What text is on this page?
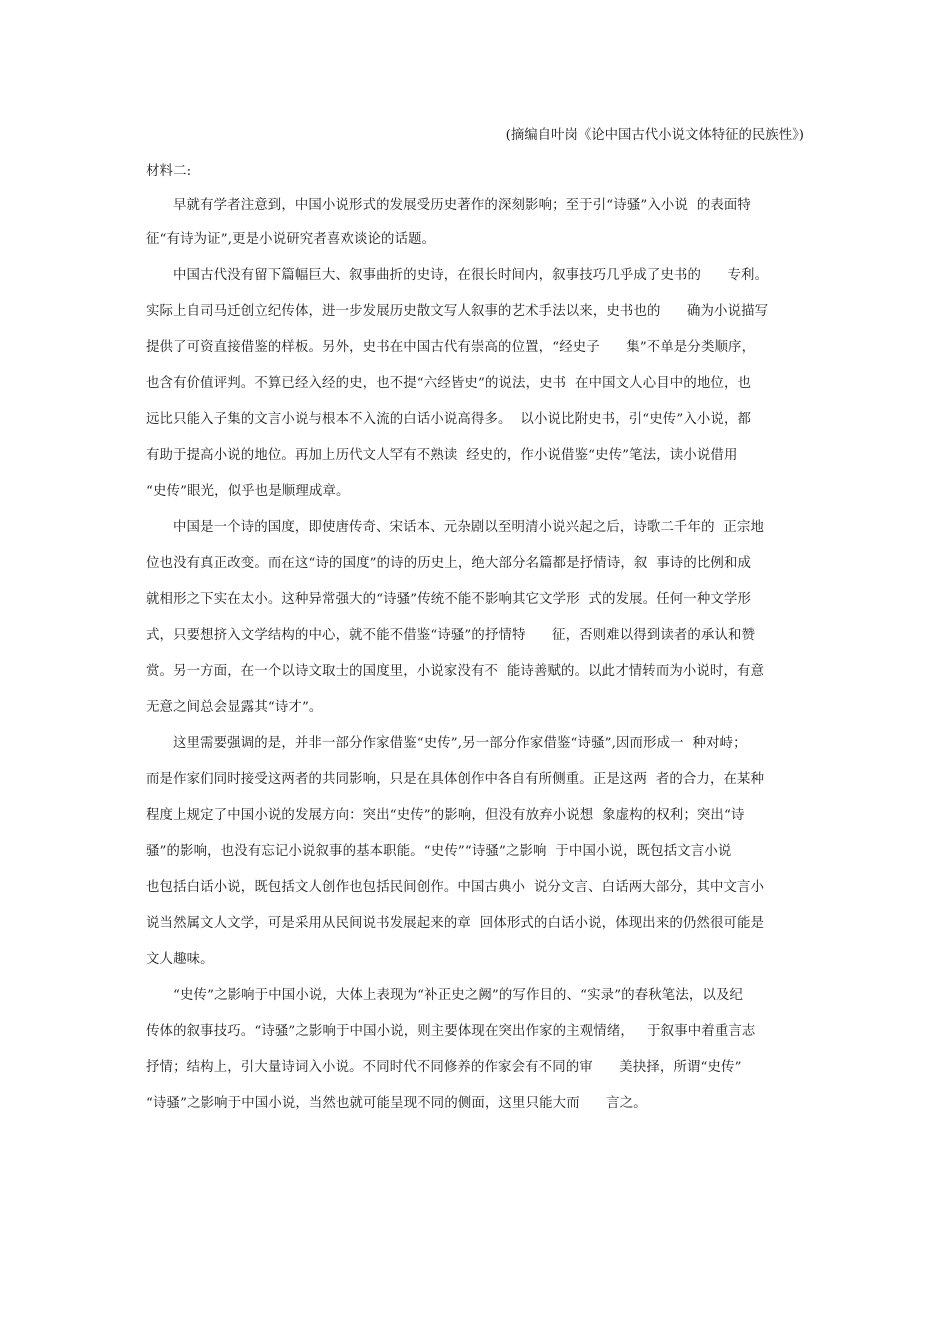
(摘编自叶岗《论中国古代小说文体特征的民族性》)
材料二:
早就有学者注意到，中国小说形式的发展受历史著作的深刻影响；至于引“诗骚”入小说  的表面特
征“有诗为证”,更是小说研究者喜欢谈论的话题。
中国古代没有留下篇幅巨大、叙事曲折的史诗，在很长时间内，叙事技巧几乎成了史书的      专利。
实际上自司马迁创立纪传体，进一步发展历史散文写人叙事的艺术手法以来，史书也的      确为小说描写
提供了可资直接借鉴的样板。另外，史书在中国古代有崇高的位置，“经史子      集”不单是分类顺序，
也含有价值评判。不算已经入经的史，也不提“六经皆史”的说法，史书  在中国文人心目中的地位，也
远比只能入子集的文言小说与根本不入流的白话小说高得多。  以小说比附史书，引“史传”入小说，都
有助于提高小说的地位。再加上历代文人罕有不熟读  经史的，作小说借鉴“史传”笔法，读小说借用
“史传”眼光，似乎也是顺理成章。
中国是一个诗的国度，即使唐传奇、宋话本、元杂剧以至明清小说兴起之后，诗歌二千年的  正宗地
位也没有真正改变。而在这“诗的国度”的诗的历史上，绝大部分名篇都是抒情诗，叙  事诗的比例和成
就相形之下实在太小。这种异常强大的“诗骚”传统不能不影响其它文学形  式的发展。任何一种文学形
式，只要想挤入文学结构的中心，就不能不借鉴“诗骚”的抒情特      征，否则难以得到读者的承认和赞
赏。另一方面，在一个以诗文取士的国度里，小说家没有不  能诗善赋的。以此才情转而为小说时，有意
无意之间总会显露其“诗才”。
这里需要强调的是，并非一部分作家借鉴“史传”,另一部分作家借鉴“诗骚”,因而形成一  种对峙；
而是作家们同时接受这两者的共同影响，只是在具体创作中各自有所侧重。正是这两  者的合力，在某种
程度上规定了中国小说的发展方向：突出“史传”的影响，但没有放弃小说想  象虚构的权利；突出“诗
骚”的影响，也没有忘记小说叙事的基本职能。“史传”“诗骚”之影响  于中国小说，既包括文言小说
也包括白话小说，既包括文人创作也包括民间创作。中国古典小  说分文言、白话两大部分，其中文言小
说当然属文人文学，可是采用从民间说书发展起来的章  回体形式的白话小说，体现出来的仍然很可能是
文人趣味。
“史传”之影响于中国小说，大体上表现为“补正史之阙”的写作目的、“实录”的春秋笔法，以及纪
传体的叙事技巧。“诗骚”之影响于中国小说，则主要体现在突出作家的主观情绪，   于叙事中着重言志
抒情；结构上，引大量诗词入小说。不同时代不同修养的作家会有不同的审      美抉择，所谓“史传”
“诗骚”之影响于中国小说，当然也就可能呈现不同的侧面，这里只能大而      言之。
